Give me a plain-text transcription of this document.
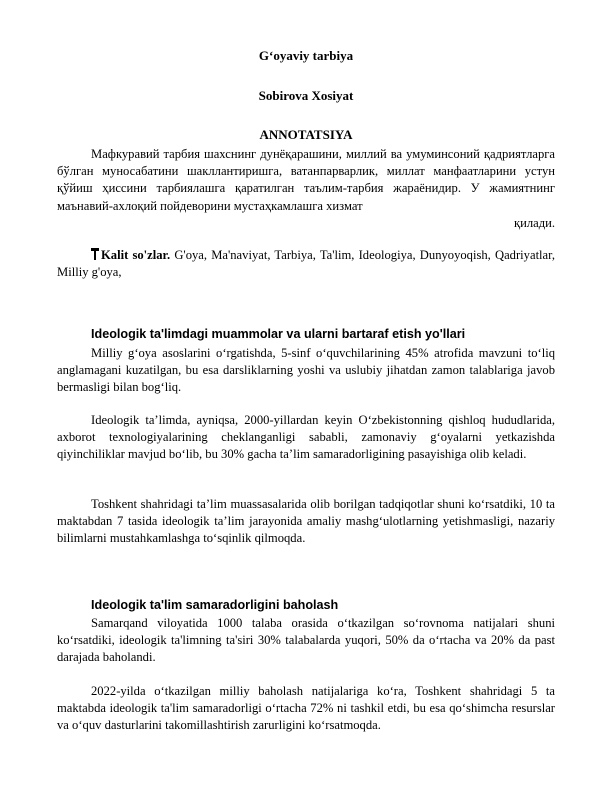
G‘oyaviy tarbiya
Sobirova Xosiyat
ANNOTATSIYA

Мафкуравий тарбия шахснинг дунёқарашини, миллий ва умуминсоний қадриятларга бўлган муносабатини шакллантиришга, ватанпарварлик, миллат манфаатларини устун қўйиш ҳиссини тарбиялашга қаратилган таълим-тарбия жараёнидир. У жамиятнинг маънавий-ахлоқий пойдеворини мустаҳкамлашга хизмат
қилади.

Kalit so'zlar. G'oya, Ma'naviyat, Tarbiya, Ta'lim, Ideologiya, Dunyoyoqish, Qadriyatlar, Milliy g'oya,

Ideologik ta'limdagi muammolar va ularni bartaraf etish yo'llari

Milliy g‘oya asoslarini o‘rgatishda, 5-sinf o‘quvchilarining 45% atrofida mavzuni to‘liq anglamagani kuzatilgan, bu esa darsliklarning yoshi va uslubiy jihatdan zamon talablariga javob bermasligi bilan bog‘liq.

Ideologik ta’limda, ayniqsa, 2000-yillardan keyin O‘zbekistonning qishloq hududlarida, axborot texnologiyalarining cheklanganligi sababli, zamonaviy g‘oyalarni yetkazishda qiyinchiliklar mavjud bo‘lib, bu 30% gacha ta’lim samaradorligining pasayishiga olib keladi.

Toshkent shahridagi ta’lim muassasalarida olib borilgan tadqiqotlar shuni ko‘rsatdiki, 10 ta maktabdan 7 tasida ideologik ta’lim jarayonida amaliy mashg‘ulotlarning yetishmasligi, nazariy bilimlarni mustahkamlashga to‘sqinlik qilmoqda.

Ideologik ta'lim samaradorligini baholash

Samarqand viloyatida 1000 talaba orasida o‘tkazilgan so‘rovnoma natijalari shuni ko‘rsatdiki, ideologik ta'limning ta'siri 30% talabalarda yuqori, 50% da o‘rtacha va 20% da past darajada baholandi.

2022-yilda o‘tkazilgan milliy baholash natijalariga ko‘ra, Toshkent shahridagi 5 ta maktabda ideologik ta'lim samaradorligi o‘rtacha 72% ni tashkil etdi, bu esa qo‘shimcha resurslar va o‘quv dasturlarini takomillashtirish zarurligini ko‘rsatmoqda.
